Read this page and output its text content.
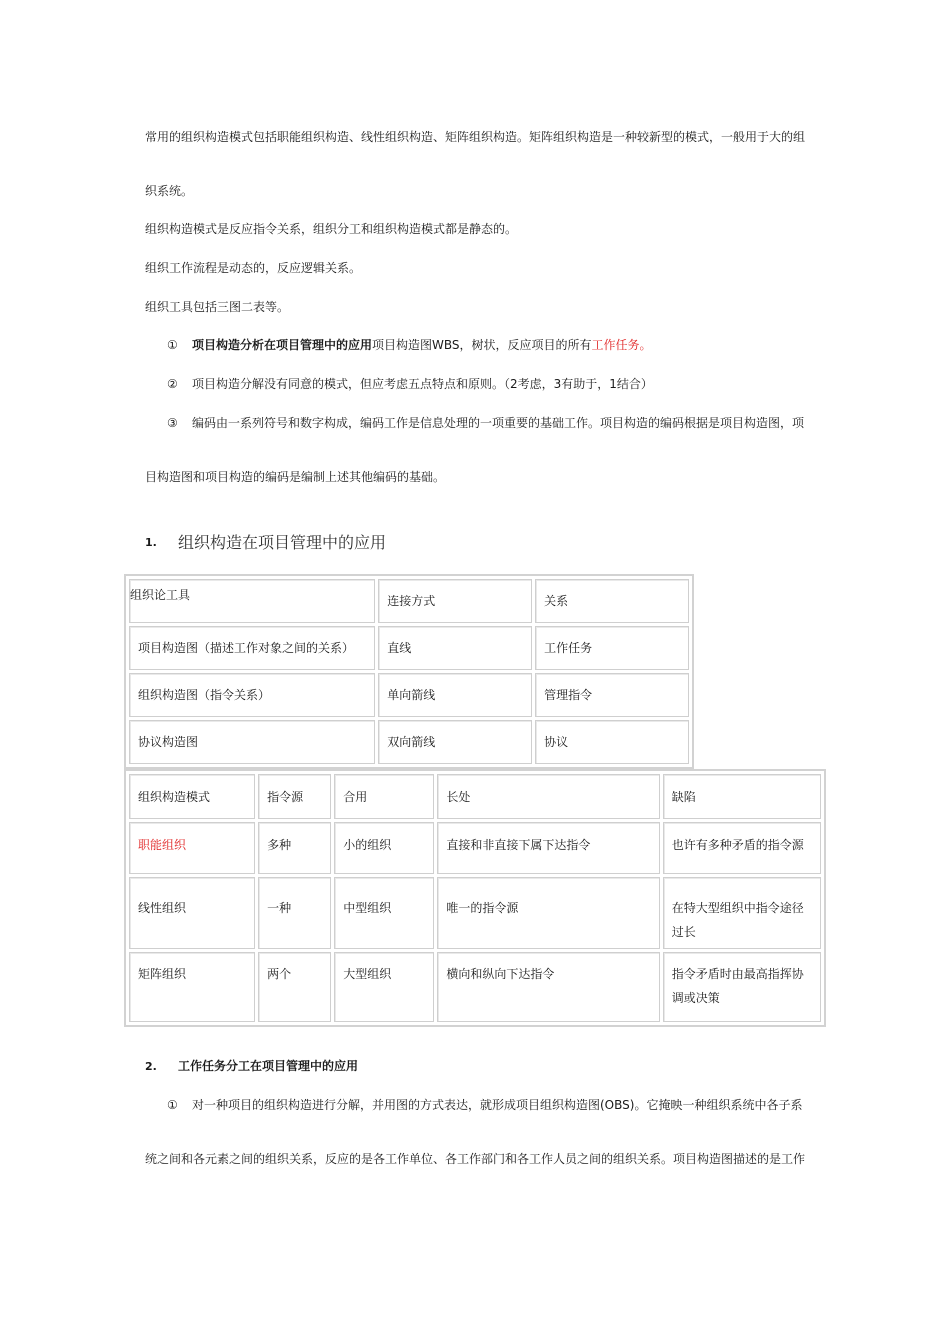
常用的组织构造模式包括职能组织构造、线性组织构造、矩阵组织构造。矩阵组织构造是一种较新型的模式，一般用于大的组
织系统。
组织构造模式是反应指令关系，组织分工和组织构造模式都是静态的。
组织工作流程是动态的，反应逻辑关系。
组织工具包括三图二表等。
① 项目构造分析在项目管理中的应用项目构造图WBS，树状，反应项目的所有工作任务。
② 项目构造分解没有同意的模式，但应考虑五点特点和原则。（2考虑，3有助于，1结合）
③ 编码由一系列符号和数字构成，编码工作是信息处理的一项重要的基础工作。项目构造的编码根据是项目构造图，项
目构造图和项目构造的编码是编制上述其他编码的基础。
1. 组织构造在项目管理中的应用
组织论工具	连接方式	关系
项目构造图（描述工作对象之间的关系）	直线	工作任务
组织构造图（指令关系）	单向箭线	管理指令
协议构造图	双向箭线	协议
组织构造模式	指令源	合用	长处	缺陷
职能组织	多种	小的组织	直接和非直接下属下达指令	也许有多种矛盾的指令源
线性组织	一种	中型组织	唯一的指令源	在特大型组织中指令途径过长
矩阵组织	两个	大型组织	横向和纵向下达指令	指令矛盾时由最高指挥协调或决策
2. 工作任务分工在项目管理中的应用
① 对一种项目的组织构造进行分解，并用图的方式表达，就形成项目组织构造图(OBS)。它掩映一种组织系统中各子系
统之间和各元素之间的组织关系，反应的是各工作单位、各工作部门和各工作人员之间的组织关系。项目构造图描述的是工作
